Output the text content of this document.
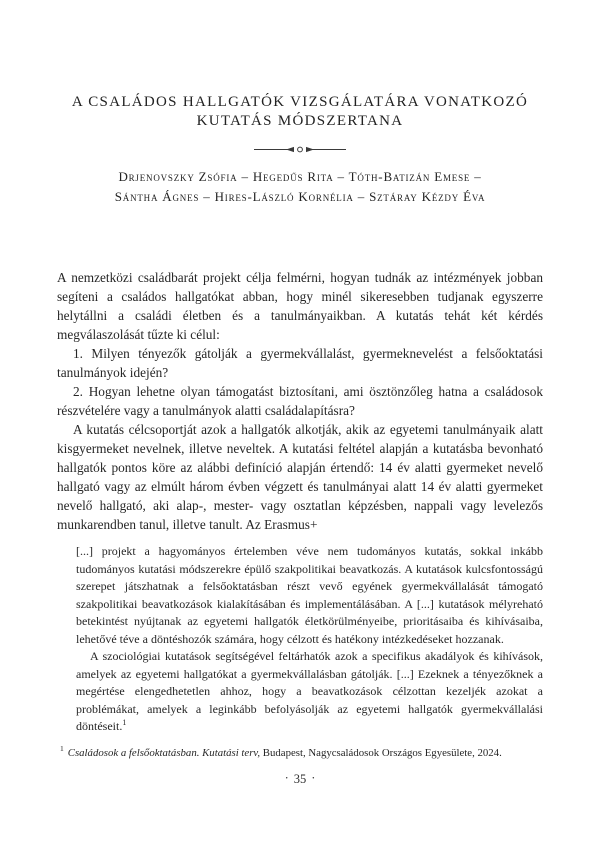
A CSALÁDOS HALLGATÓK VIZSGÁLATÁRA VONATKOZÓ
KUTATÁS MÓDSZERTANA
Drjenovszky Zsófia – Hegedűs Rita – Tóth-Batizán Emese –
Sántha Ágnes – Hires-László Kornélia – Sztáray Kézdy Éva

A nemzetközi családbarát projekt célja felmérni, hogyan tudnák az intézmények jobban segíteni a családos hallgatókat abban, hogy minél sikeresebben tudjanak egyszerre helytállni a családi életben és a tanulmányaikban. A kutatás tehát két kérdés megválaszolását tűzte ki célul:

1. Milyen tényezők gátolják a gyermekvállalást, gyermeknevelést a felsőoktatási tanulmányok idején?

2. Hogyan lehetne olyan támogatást biztosítani, ami ösztönzőleg hatna a családosok részvételére vagy a tanulmányok alatti családalapításra?

A kutatás célcsoportját azok a hallgatók alkotják, akik az egyetemi tanulmányaik alatt kisgyermeket nevelnek, illetve neveltek. A kutatási feltétel alapján a kutatásba bevonható hallgatók pontos köre az alábbi definíció alapján értendő: 14 év alatti gyermeket nevelő hallgató vagy az elmúlt három évben végzett és tanulmányai alatt 14 év alatti gyermeket nevelő hallgató, aki alap-, mester- vagy osztatlan képzésben, nappali vagy levelezős munkarendben tanul, illetve tanult. Az Erasmus+

[...] projekt a hagyományos értelemben véve nem tudományos kutatás, sokkal inkább tudományos kutatási módszerekre épülő szakpolitikai beavatkozás. A kutatások kulcsfontosságú szerepet játszhatnak a felsőoktatásban részt vevő egyének gyermekvállalását támogató szakpolitikai beavatkozások kialakításában és implementálásában. A [...] kutatások mélyreható betekintést nyújtanak az egyetemi hallgatók életkörülményeibe, prioritásaiba és kihívásaiba, lehetővé téve a döntéshozók számára, hogy célzott és hatékony intézkedéseket hozzanak.

A szociológiai kutatások segítségével feltárhatók azok a specifikus akadályok és kihívások, amelyek az egyetemi hallgatókat a gyermekvállalásban gátolják. [...] Ezeknek a tényezőknek a megértése elengedhetetlen ahhoz, hogy a beavatkozások célzottan kezeljék azokat a problémákat, amelyek a leginkább befolyásolják az egyetemi hallgatók gyermekvállalási döntéseit.$^1$

$^1$ Családosok a felsőoktatásban. Kutatási terv, Budapest, Nagycsaládosok Országos Egyesülete, 2024.
· 35 ·
